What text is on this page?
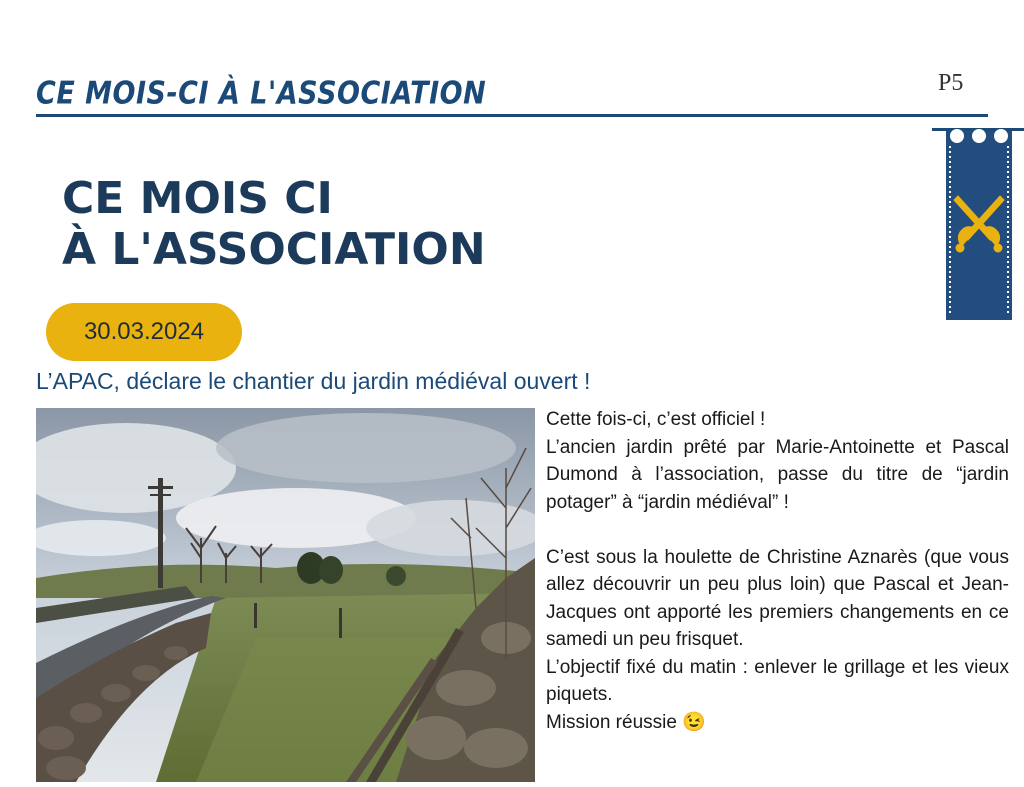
CE MOIS-CI À L'ASSOCIATION	P5
CE MOIS CI
À L'ASSOCIATION
30.03.2024
L’APAC, déclare le chantier du jardin médiéval ouvert !

Cette fois-ci, c’est officiel !

L’ancien jardin prêté par Marie-Antoinette et Pascal Dumond à l’association, passe du titre de “jardin potager” à “jardin médiéval” !

C’est sous la houlette de Christine Aznarès (que vous allez découvrir un peu plus loin) que Pascal et Jean-Jacques ont apporté les premiers changements en ce samedi un peu frisquet.

L’objectif fixé du matin : enlever le grillage et les vieux piquets.

Mission réussie 😉
